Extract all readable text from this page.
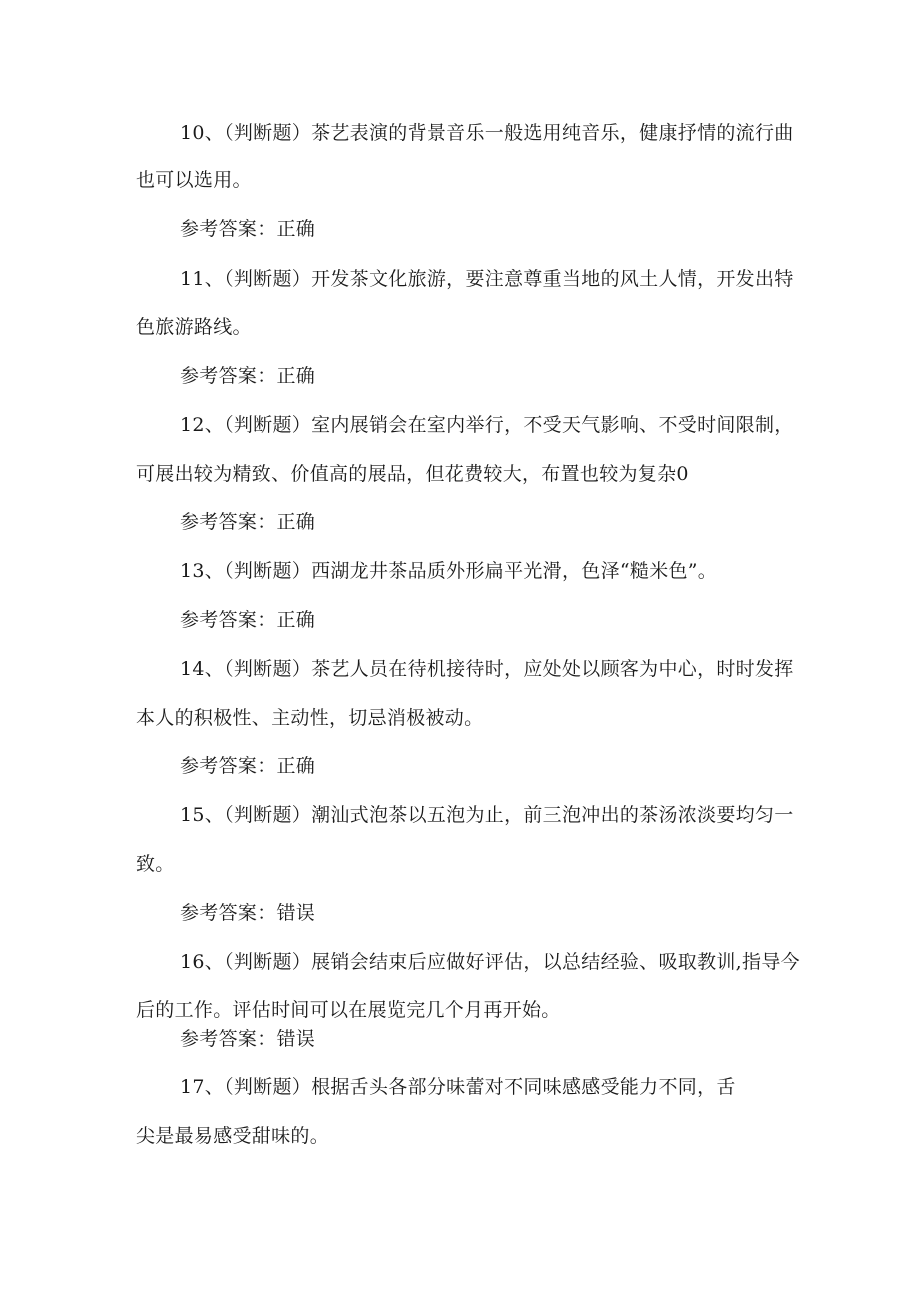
10、（判断题）茶艺表演的背景音乐一般选用纯音乐，健康抒情的流行曲
也可以选用。
参考答案：正确
11、（判断题）开发茶文化旅游，要注意尊重当地的风土人情，开发出特
色旅游路线。
参考答案：正确
12、（判断题）室内展销会在室内举行，不受天气影响、不受时间限制，
可展出较为精致、价值高的展品，但花费较大，布置也较为复杂0
参考答案：正确
13、（判断题）西湖龙井茶品质外形扁平光滑，色泽“糙米色”。
参考答案：正确
14、（判断题）茶艺人员在待机接待时，应处处以顾客为中心，时时发挥
本人的积极性、主动性，切忌消极被动。
参考答案：正确
15、（判断题）潮汕式泡茶以五泡为止，前三泡冲出的茶汤浓淡要均匀一
致。
参考答案：错误
16、（判断题）展销会结束后应做好评估，以总结经验、吸取教训,指导今
后的工作。评估时间可以在展览完几个月再开始。
参考答案：错误
17、（判断题）根据舌头各部分味蕾对不同味感感受能力不同，舌
尖是最易感受甜味的。
